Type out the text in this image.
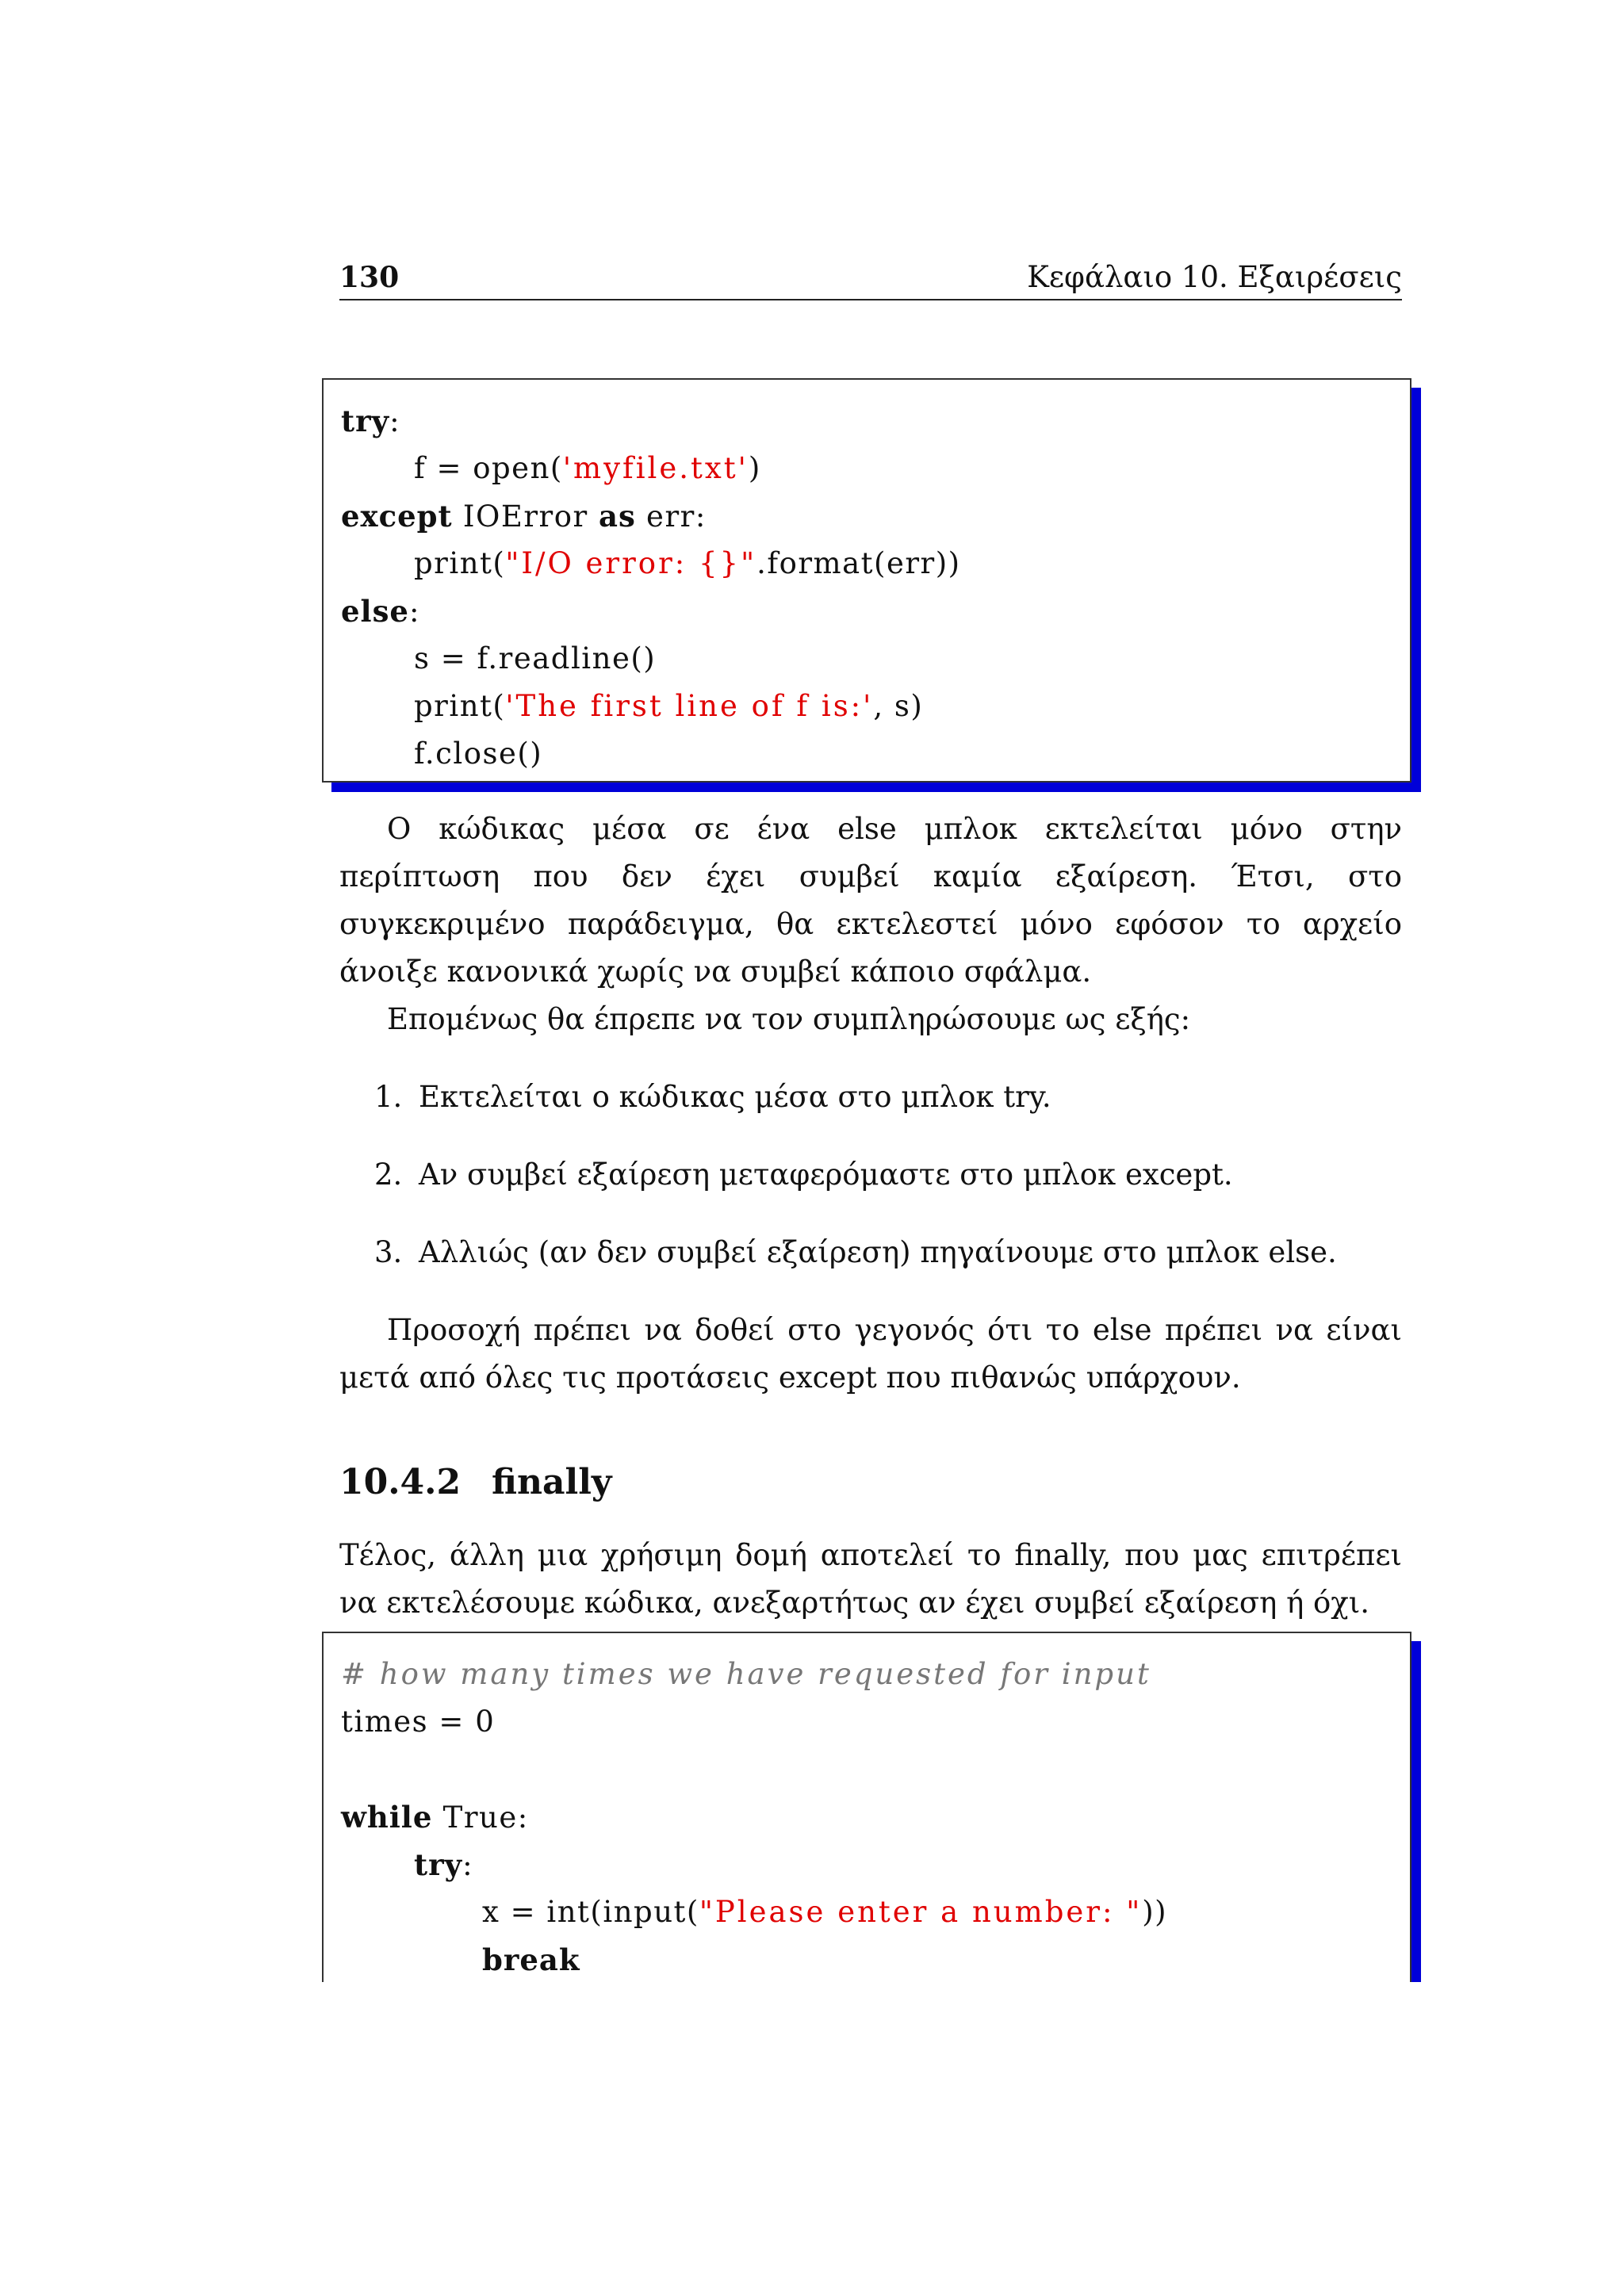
130	Κεφάλαιο 10. Εξαιρέσεις
try:
f = open('myfile.txt')
except IOError as err:
print("I/O error: {}".format(err))
else:
s = f.readline()
print('The first line of f is:', s)
f.close()

Ο κώδικας μέσα σε ένα else μπλοκ εκτελείται μόνο στην περίπτωση που δεν έχει συμβεί καμία εξαίρεση. Έτσι, στο συγκεκριμένο παράδειγμα, θα εκτελεστεί μόνο εφόσον το αρχείο άνοιξε κανονικά χωρίς να συμβεί κάποιο σφάλμα.

Επομένως θα έπρεπε να τον συμπληρώσουμε ως εξής:

1. Εκτελείται ο κώδικας μέσα στο μπλοκ try.
2. Αν συμβεί εξαίρεση μεταφερόμαστε στο μπλοκ except.
3. Αλλιώς (αν δεν συμβεί εξαίρεση) πηγαίνουμε στο μπλοκ else.

Προσοχή πρέπει να δοθεί στο γεγονός ότι το else πρέπει να είναι μετά από όλες τις προτάσεις except που πιθανώς υπάρχουν.

10.4.2 finally

Τέλος, άλλη μια χρήσιμη δομή αποτελεί το finally, που μας επιτρέπει να εκτελέσουμε κώδικα, ανεξαρτήτως αν έχει συμβεί εξαίρεση ή όχι.

# how many times we have requested for input
times = 0
while True:
try:
x = int(input("Please enter a number: "))
break
